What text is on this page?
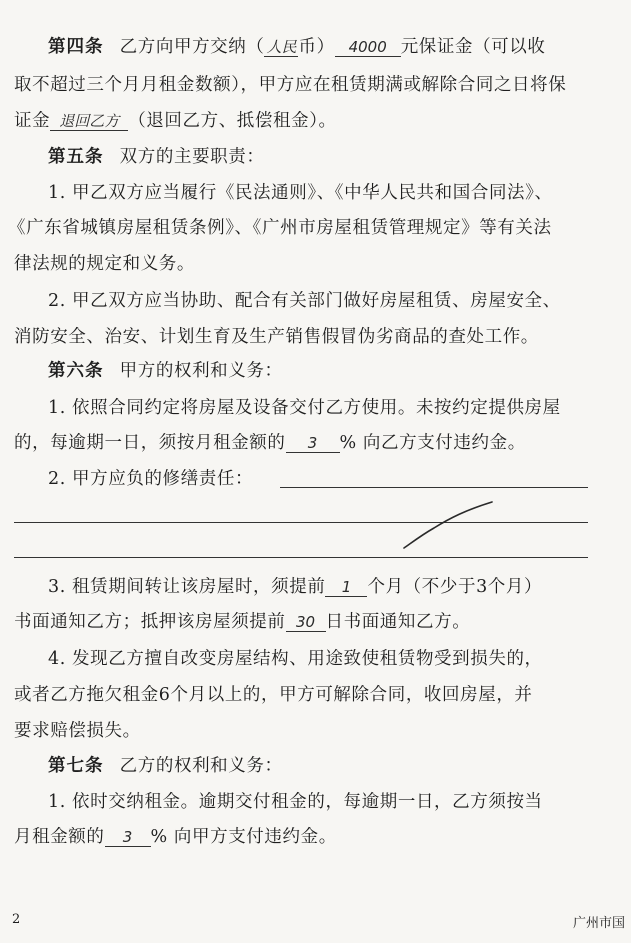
第四条 乙方向甲方交纳（ 人民 币） 4000 元保证金（可以收
取不超过三个月月租金数额），甲方应在租赁期满或解除合同之日将保
证金 退回乙方 （退回乙方、抵偿租金）。
第五条 双方的主要职责：
1. 甲乙双方应当履行《民法通则》、《中华人民共和国合同法》、
《广东省城镇房屋租赁条例》、《广州市房屋租赁管理规定》等有关法
律法规的规定和义务。
2. 甲乙双方应当协助、配合有关部门做好房屋租赁、房屋安全、
消防安全、治安、计划生育及生产销售假冒伪劣商品的查处工作。
第六条 甲方的权利和义务：
1. 依照合同约定将房屋及设备交付乙方使用。未按约定提供房屋
的，每逾期一日，须按月租金额的 3 % 向乙方支付违约金。
2. 甲方应负的修缮责任：
3. 租赁期间转让该房屋时，须提前 1 个月（不少于3个月）
书面通知乙方；抵押该房屋须提前 30 日书面通知乙方。
4. 发现乙方擅自改变房屋结构、用途致使租赁物受到损失的，
或者乙方拖欠租金6个月以上的，甲方可解除合同，收回房屋，并
要求赔偿损失。
第七条 乙方的权利和义务：
1. 依时交纳租金。逾期交付租金的，每逾期一日，乙方须按当
月租金额的 3 % 向甲方支付违约金。
2	广州市国
